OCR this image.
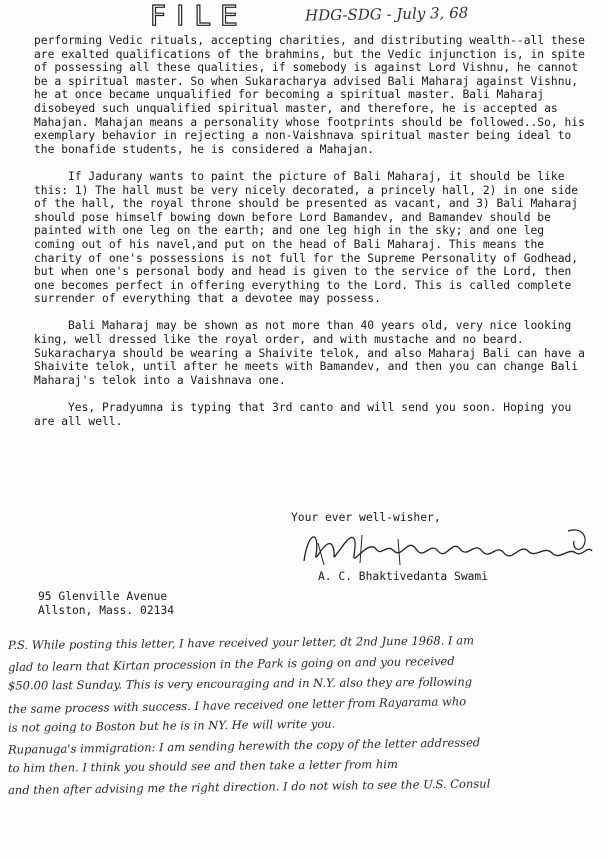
FILE	HDG-SDG - July 3, 68

performing Vedic rituals, accepting charities, and distributing wealth--all these are exalted qualifications of the brahmins, but the Vedic injunction is, in spite of possessing all these qualities, if somebody is against Lord Vishnu, he cannot be a spiritual master. So when Sukaracharya advised Bali Maharaj against Vishnu, he at once became unqualified for becoming a spiritual master. Bali Maharaj disobeyed such unqualified spiritual master, and therefore, he is accepted as Mahajan. Mahajan means a personality whose footprints should be followed..So, his exemplary behavior in rejecting a non-Vaishnava spiritual master being ideal to the bonafide students, he is considered a Mahajan.

If Jadurany wants to paint the picture of Bali Maharaj, it should be like this: 1) The hall must be very nicely decorated, a princely hall, 2) in one side of the hall, the royal throne should be presented as vacant, and 3) Bali Maharaj should pose himself bowing down before Lord Bamandev, and Bamandev should be painted with one leg on the earth; and one leg high in the sky; and one leg coming out of his navel,and put on the head of Bali Maharaj. This means the charity of one's possessions is not full for the Supreme Personality of Godhead, but when one's personal body and head is given to the service of the Lord, then one becomes perfect in offering everything to the Lord. This is called complete surrender of everything that a devotee may possess.

Bali Maharaj may be shown as not more than 40 years old, very nice looking king, well dressed like the royal order, and with mustache and no beard. Sukaracharya should be wearing a Shaivite telok, and also Maharaj Bali can have a Shaivite telok, until after he meets with Bamandev, and then you can change Bali Maharaj's telok into a Vaishnava one.

Yes, Pradyumna is typing that 3rd canto and will send you soon. Hoping you are all well.

Your ever well-wisher,
A. C. Bhaktivedanta Swami
95 Glenville Avenue
Allston, Mass. 02134
P.S. While posting this letter, I have received your letter, dt 2nd June 1968. I am
glad to learn that Kirtan procession in the Park is going on and you received
$50.00 last Sunday. This is very encouraging and in N.Y. also they are following
the same process with success. I have received one letter from Rayarama who
is not going to Boston but he is in NY. He will write you.
Rupanuga's immigration: I am sending herewith the copy of the letter addressed
to him then. I think you should see and then take a letter from him
and then after advising me the right direction. I do not wish to see the U.S. Consul
